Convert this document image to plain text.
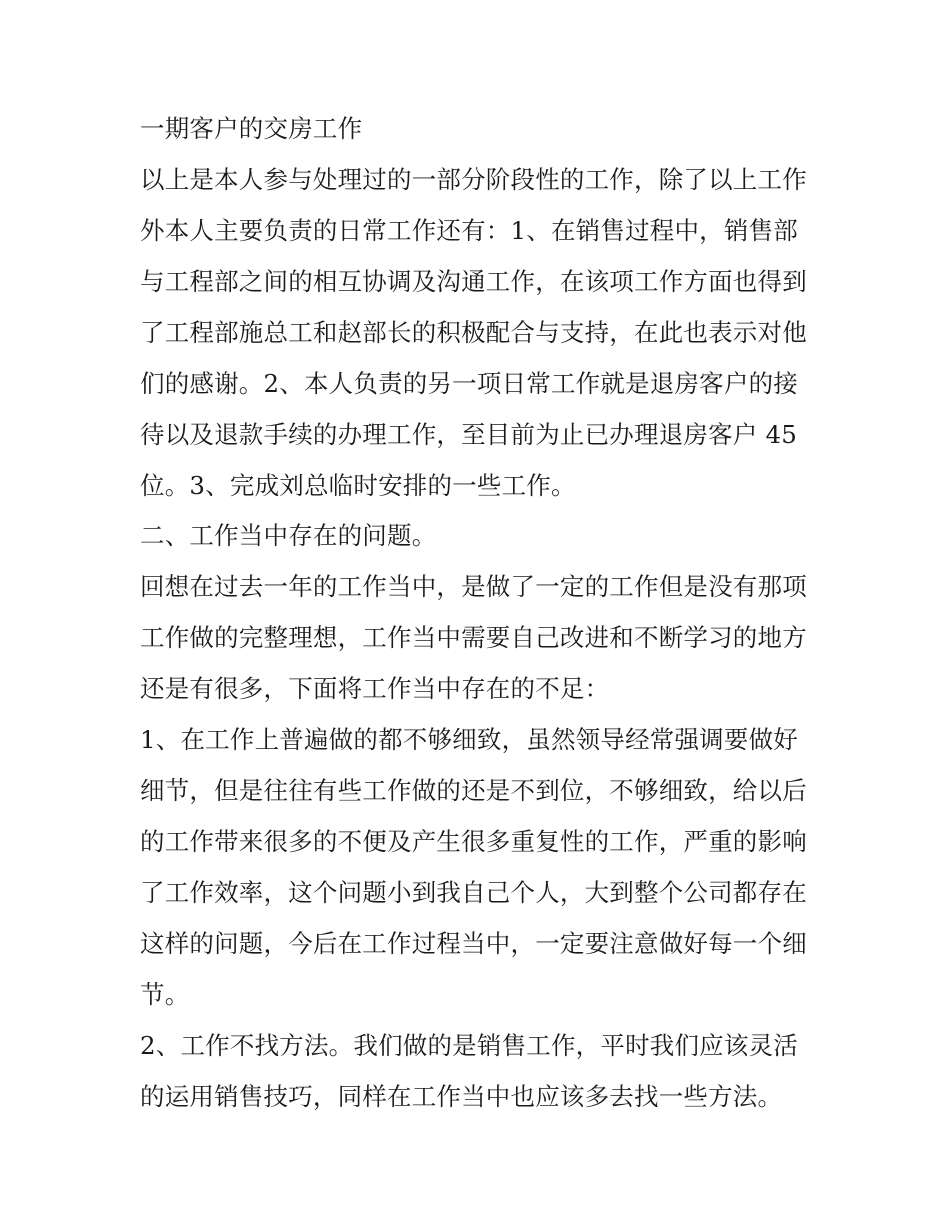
一期客户的交房工作
以上是本人参与处理过的一部分阶段性的工作，除了以上工作
外本人主要负责的日常工作还有：1、在销售过程中，销售部
与工程部之间的相互协调及沟通工作，在该项工作方面也得到
了工程部施总工和赵部长的积极配合与支持，在此也表示对他
们的感谢。2、本人负责的另一项日常工作就是退房客户的接
待以及退款手续的办理工作，至目前为止已办理退房客户 45
位。3、完成刘总临时安排的一些工作。
二、工作当中存在的问题。
回想在过去一年的工作当中，是做了一定的工作但是没有那项
工作做的完整理想，工作当中需要自己改进和不断学习的地方
还是有很多，下面将工作当中存在的不足：
1、在工作上普遍做的都不够细致，虽然领导经常强调要做好
细节，但是往往有些工作做的还是不到位，不够细致，给以后
的工作带来很多的不便及产生很多重复性的工作，严重的影响
了工作效率，这个问题小到我自己个人，大到整个公司都存在
这样的问题，今后在工作过程当中，一定要注意做好每一个细
节。
2、工作不找方法。我们做的是销售工作，平时我们应该灵活
的运用销售技巧，同样在工作当中也应该多去找一些方法。
